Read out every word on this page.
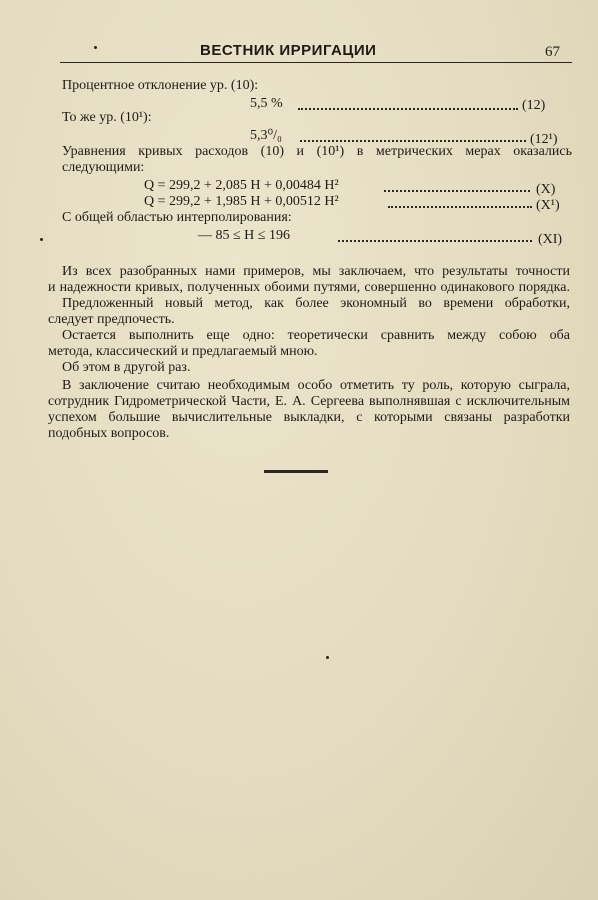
ВЕСТНИК ИРРИГАЦИИ	67
Процентное отклонение ур. (10):
5,5 %	(12)
То же ур. (10¹):
5,3⁰/₀	(12¹)
Уравнения кривых расходов (10) и (10¹) в метрических мерах оказались
следующими:
Q = 299,2 + 2,085 H + 0,00484 H²	(X)
Q = 299,2 + 1,985 H + 0,00512 H²	(X¹)
С общей областью интерполирования:
— 85 ≤ H ≤ 196	(XI)
Из всех разобранных нами примеров, мы заключаем, что результаты точности
и надежности кривых, полученных обоими путями, совершенно одинакового порядка.
Предложенный новый метод, как более экономный во времени обработки,
следует предпочесть.
Остается выполнить еще одно: теоретически сравнить между собою оба
метода, классический и предлагаемый мною.
Об этом в другой раз.
В заключение считаю необходимым особо отметить ту роль, которую сыграла,
сотрудник Гидрометрической Части, Е. А. Сергеева выполнявшая с исключительным
успехом большие вычислительные выкладки, с которыми связаны разработки
подобных вопросов.
